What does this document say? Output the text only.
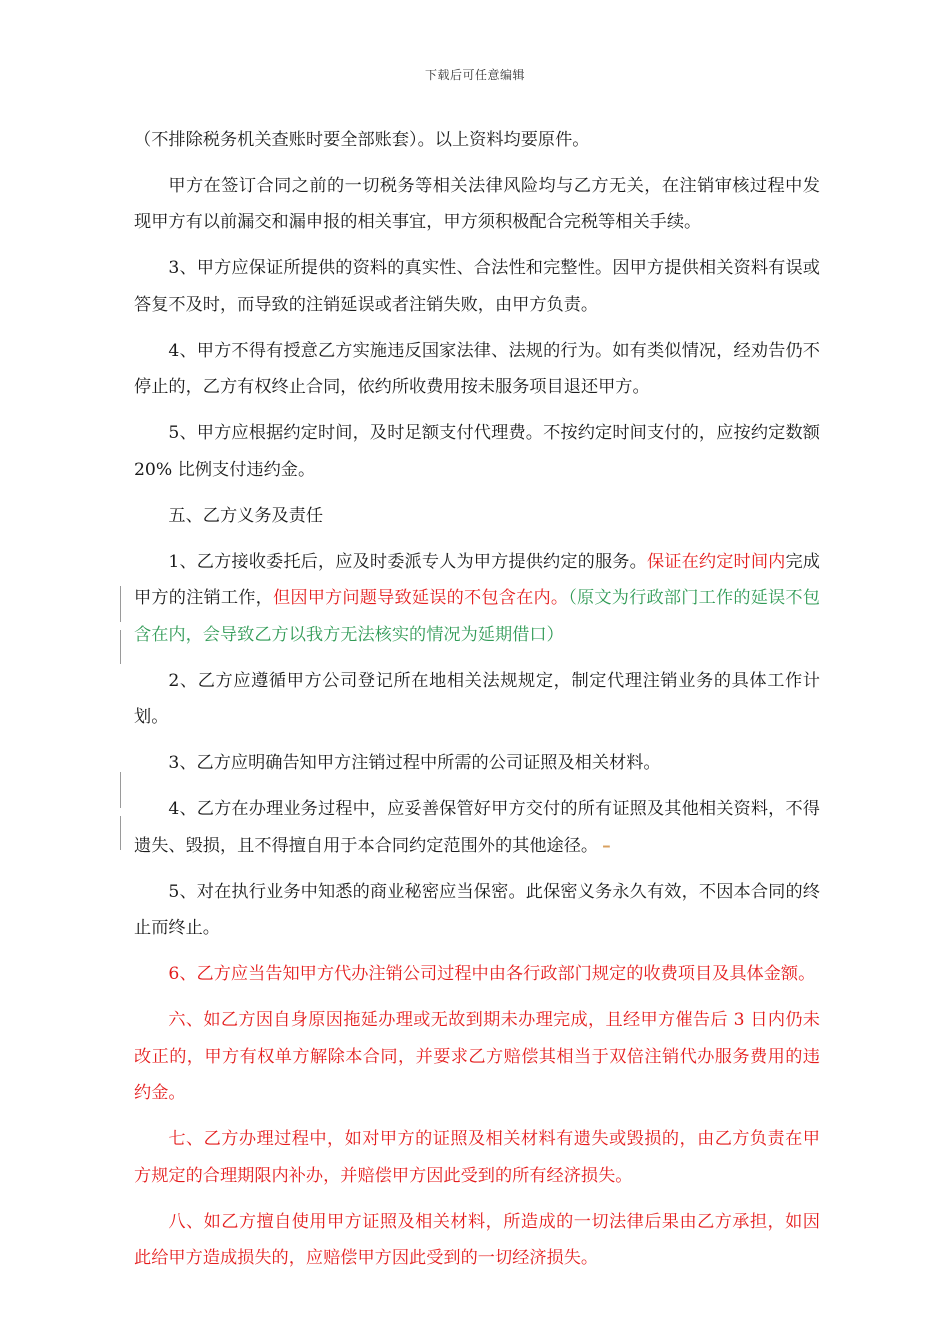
下载后可任意编辑

（不排除税务机关查账时要全部账套）。以上资料均要原件。

甲方在签订合同之前的一切税务等相关法律风险均与乙方无关，在注销审核过程中发现甲方有以前漏交和漏申报的相关事宜，甲方须积极配合完税等相关手续。

3、甲方应保证所提供的资料的真实性、合法性和完整性。因甲方提供相关资料有误或答复不及时，而导致的注销延误或者注销失败，由甲方负责。

4、甲方不得有授意乙方实施违反国家法律、法规的行为。如有类似情况，经劝告仍不停止的，乙方有权终止合同，依约所收费用按未服务项目退还甲方。

5、甲方应根据约定时间，及时足额支付代理费。不按约定时间支付的，应按约定数额 20% 比例支付违约金。

五、乙方义务及责任

1、乙方接收委托后，应及时委派专人为甲方提供约定的服务。保证在约定时间内完成甲方的注销工作，但因甲方问题导致延误的不包含在内。（原文为行政部门工作的延误不包含在内，会导致乙方以我方无法核实的情况为延期借口）

2、乙方应遵循甲方公司登记所在地相关法规规定，制定代理注销业务的具体工作计划。

3、乙方应明确告知甲方注销过程中所需的公司证照及相关材料。

4、乙方在办理业务过程中，应妥善保管好甲方交付的所有证照及其他相关资料，不得遗失、毁损，且不得擅自用于本合同约定范围外的其他途径。 –

5、对在执行业务中知悉的商业秘密应当保密。此保密义务永久有效，不因本合同的终止而终止。

6、乙方应当告知甲方代办注销公司过程中由各行政部门规定的收费项目及具体金额。

六、如乙方因自身原因拖延办理或无故到期未办理完成，且经甲方催告后 3 日内仍未改正的，甲方有权单方解除本合同，并要求乙方赔偿其相当于双倍注销代办服务费用的违约金。

七、乙方办理过程中，如对甲方的证照及相关材料有遗失或毁损的，由乙方负责在甲方规定的合理期限内补办，并赔偿甲方因此受到的所有经济损失。

八、如乙方擅自使用甲方证照及相关材料，所造成的一切法律后果由乙方承担，如因此给甲方造成损失的，应赔偿甲方因此受到的一切经济损失。
